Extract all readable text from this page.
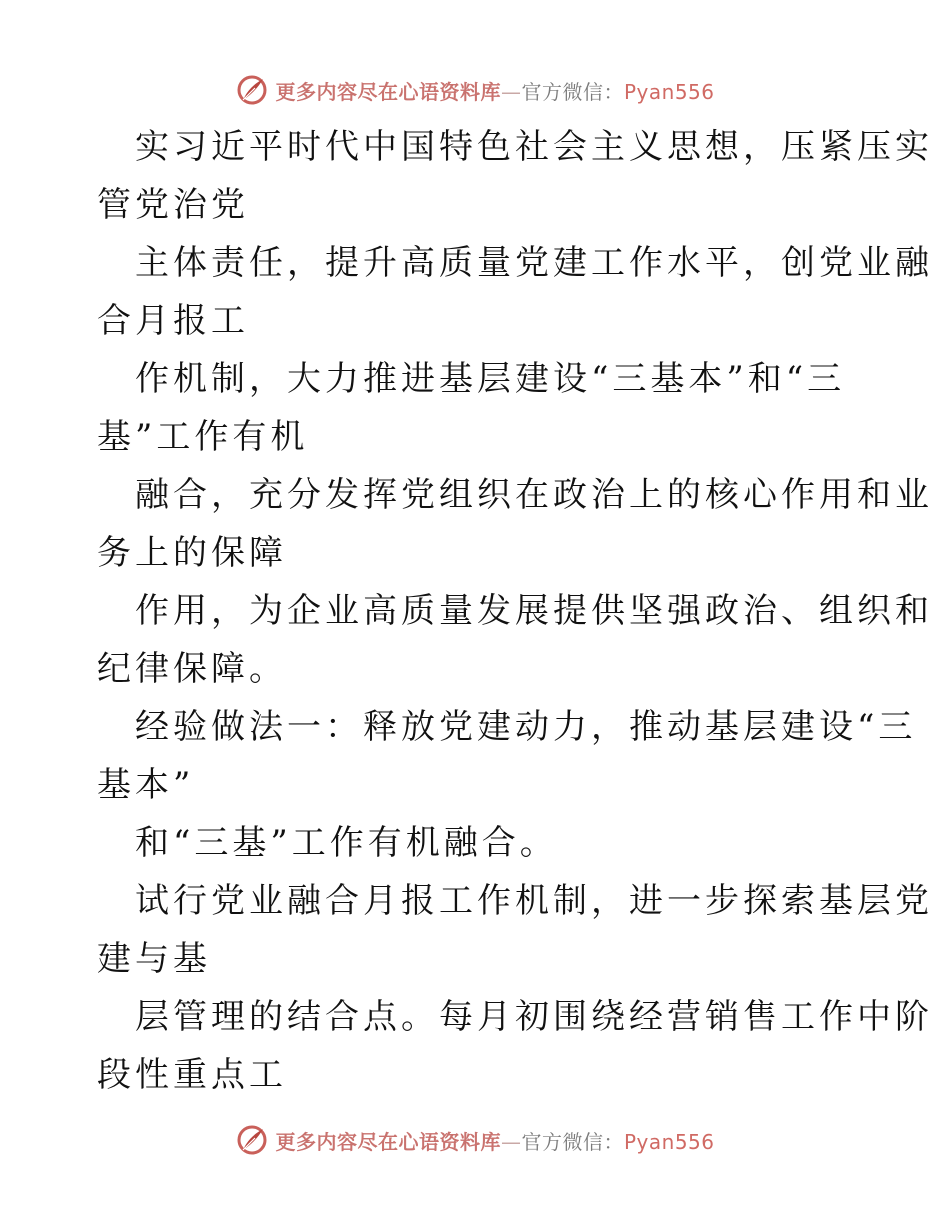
更多内容尽在心语资料库—官方微信：Pyan556
实习近平时代中国特色社会主义思想，压紧压实
管党治党
主体责任，提升高质量党建工作水平，创党业融
合月报工
作机制，大力推进基层建设“三基本”和“三
基”工作有机
融合，充分发挥党组织在政治上的核心作用和业
务上的保障
作用，为企业高质量发展提供坚强政治、组织和
纪律保障。
经验做法一：释放党建动力，推动基层建设“三
基本”
和“三基”工作有机融合。
试行党业融合月报工作机制，进一步探索基层党
建与基
层管理的结合点。每月初围绕经营销售工作中阶
段性重点工
更多内容尽在心语资料库—官方微信：Pyan556
